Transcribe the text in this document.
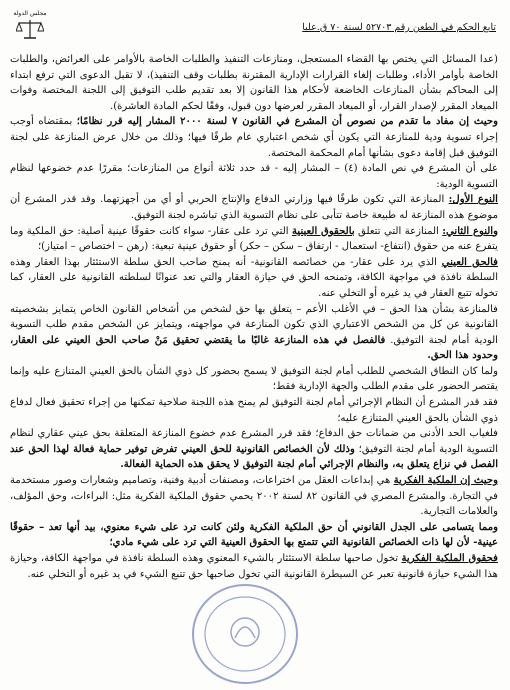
مجلس الدولة
تابع الحكم في الطعن رقم ٥٢٧٠٣ لسنة ٧٠ ق.عليا

(عدا المسائل التي يختص بها القضاء المستعجل، ومنازعات التنفيذ والطلبات الخاصة بالأوامر على العرائض، والطلبات الخاصة بأوامر الأداء، وطلبات إلغاء القرارات الإدارية المقترنة بطلبات وقف التنفيذ)، لا تقبل الدعوى التي ترفع ابتداء إلى المحاكم بشأن المنازعات الخاضعة لأحكام هذا القانون إلا بعد تقديم طلب التوفيق إلى اللجنة المختصة وفوات الميعاد المقرر لإصدار القرار، أو الميعاد المقرر لعرضها دون قبول، وفقًا لحكم المادة العاشرة).

وحيث إن مفاد ما تقدم من نصوص أن المشرع في القانون ٧ لسنة ٢٠٠٠ المشار إليه قرر نظامًا؛ بمقتضاه أوجب إجراء تسوية ودية للمنازعة التي يكون أي شخص اعتباري عام طرفًا فيها؛ وذلك من خلال عرض المنازعة على لجنة التوفيق قبل إقامة دعوى بشأنها أمام المحكمة المختصة.

على أن المشرع في نص المادة (٤) – المشار إليه - قد حدد ثلاثة أنواع من المنازعات؛ مقررًا عدم خضوعها لنظام التسوية الودية:

النوع الأول: المنازعة التي تكون طرفًا فيها وزارتي الدفاع والإنتاج الحربي أو أي من أجهزتهما. وقد قدر المشرع أن موضوع هذه المنازعة له طبيعة خاصة تتأبى على نظام التسوية الذي تباشره لجنة التوفيق.

والنوع الثاني: المنازعة التي تتعلق بالحقوق العينية التي ترد على عقار- سواء كانت حقوقًا عينية أصلية: حق الملكية وما يتفرع عنه من حقوق (انتفاع- استعمال - ارتفاق – سكن – حكر) أو حقوق عينية تبعية: (رهن – اختصاص – امتياز)؛

فالحق العيني الذي يرد على عقار- من خصائصه القانونية- أنه يمنح صاحب الحق سلطة الاستئثار بهذا العقار وهذه السلطة نافذة في مواجهة الكافة، وتمنحه الحق في حيازة العقار والتي تعد عنوانًا لسلطته القانونية على العقار، كما تخوله تتبع العقار في يد غيره أو التخلي عنه.

فالمنازعة بشأن هذا الحق – في الأغلب الأعم – يتعلق بها حق لشخص من أشخاص القانون الخاص يتمايز بشخصيته القانونية عن كل من الشخص الاعتباري الذي تكون المنازعة في مواجهته، ويتمايز عن الشخص مقدم طلب التسوية الودية أمام لجنة التوفيق. فالفصل في هذه المنازعة غالبًا ما يقتضي تحقيق مَنْ صاحب الحق العيني على العقار، وحدود هذا الحق.

ولما كان النطاق الشخصي للطلب أمام لجنة التوفيق لا يسمح بحضور كل ذوي الشأن بالحق العيني المتنازع عليه وإنما يقتصر الحضور على مقدم الطلب والجهة الإدارية فقط؛

فقد قدر المشرع أن النظام الإجرائي أمام لجنة التوفيق لم يمنح هذه اللجنة صلاحية تمكنها من إجراء تحقيق فعال لدفاع ذوي الشأن بالحق العيني المتنازع عليه؛

فلغياب الحد الأدنى من ضمانات حق الدفاع؛ فقد قرر المشرع عدم خضوع المنازعة المتعلقة بحق عيني عقاري لنظام التسوية الودية أمام لجنة التوفيق؛ وذلك لأن الخصائص القانونية للحق العيني تفرض توفير حماية فعالة لهذا الحق عند الفصل في نزاع يتعلق به، والنظام الإجرائي أمام لجنة التوفيق لا يحقق هذه الحماية الفعالة.

وحيث إن الملكية الفكرية هي إبداعات العقل من اختراعات، ومصنفات أدبية وفنية، وتصاميم وشعارات وصور مستخدمة في التجارة. والمشرع المصري في القانون ٨٢ لسنة ٢٠٠٢ يحمي حقوق الملكية الفكرية مثل: البراءات، وحق المؤلف، والعلامات التجارية.

ومما يتسامى على الجدل القانوني أن حق الملكية الفكرية ولئن كانت ترد على شيء معنوي، بيد أنها تعد – حقوقًا عينية- لأن لها ذات الخصائص القانونية التي تتمتع بها الحقوق العينية التي ترد على شيء مادي؛

فحقوق الملكية الفكرية تخول صاحبها سلطة الاستئثار بالشيء المعنوي وهذه السلطة نافذة في مواجهة الكافة، وحيازة هذا الشيء حيازة قانونية تعبر عن السيطرة القانونية التي تخول صاحبها حق تتبع الشيء في يد غيره أو التخلي عنه.
